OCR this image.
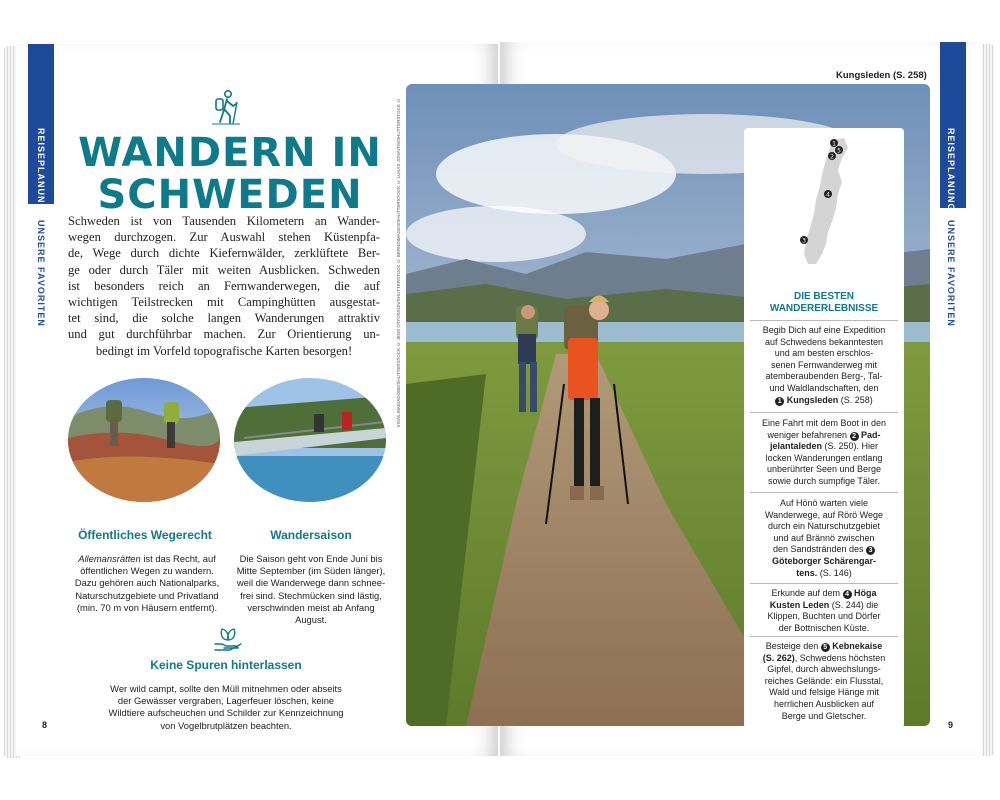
REISEPLANUNG
UNSERE FAVORITEN
WANDERN IN
SCHWEDEN
Schweden ist von Tausenden Kilometern an Wander-
wegen durchzogen. Zur Auswahl stehen Küstenpfa-
de, Wege durch dichte Kiefernwälder, zerklüftete Ber-
ge oder durch Täler mit weiten Ausblicken. Schweden
ist besonders reich an Fernwanderwegen, die auf
wichtigen Teilstrecken mit Campinghütten ausgestat-
tet sind, die solche langen Wanderungen attraktiv
und gut durchführbar machen. Zur Orientierung un-
bedingt im Vorfeld topografische Karten besorgen!
Öffentliches Wegerecht
Allemansrätten ist das Recht, auf
öffentlichen Wegen zu wandern.
Dazu gehören auch Nationalparks,
Naturschutzgebiete und Privatland
(min. 70 m von Häusern entfernt).
Wandersaison
Die Saison geht von Ende Juni bis
Mitte September (im Süden länger),
weil die Wanderwege dann schnee-
frei sind. Stechmücken sind lästig,
verschwinden meist ab Anfang
August.
Keine Spuren hinterlassen
Wer wild campt, sollte den Müll mitnehmen oder abseits
der Gewässer vergraben, Lagerfeuer löschen, keine
Wildtiere aufscheuchen und Schilder zur Kennzeichnung
von Vogelbrutplätzen beachten.
8
VISA/LINKE/ADOBE/SHUTTERSTOCK © JENS OTTOSSON/SHUTTERSTOCK © BERNDIMAGES/SHUTTERSTOCK © LUKAS JONAITIS/SHUTTERSTOCK ©
Kungsleden (S. 258)
REISEPLANUNG
UNSERE FAVORITEN
1
2
3
4
5
DIE BESTEN
WANDERERLEBNISSE
Begib Dich auf eine Expedition
auf Schwedens bekanntesten
und am besten erschlos-
senen Fernwanderweg mit
atemberaubenden Berg-, Tal-
und Waldlandschaften, den
1 Kungsleden (S. 258)
Eine Fahrt mit dem Boot in den
weniger befahrenen 2 Pad-
jelantaleden (S. 250). Hier
locken Wanderungen entlang
unberührter Seen und Berge
sowie durch sumpfige Täler.
Auf Hönö warten viele
Wanderwege, auf Rörö Wege
durch ein Naturschutzgebiet
und auf Brännö zwischen
den Sandstränden des 3
Göteborger Schärengar-
tens. (S. 146)
Erkunde auf dem 4 Höga
Kusten Leden (S. 244) die
Klippen, Buchten und Dörfer
der Bottnischen Küste.
Besteige den 5 Kebnekaise
(S. 262), Schwedens höchsten
Gipfel, durch abwechslungs-
reiches Gelände: ein Flusstal,
Wald und felsige Hänge mit
herrlichen Ausblicken auf
Berge und Gletscher.
9
